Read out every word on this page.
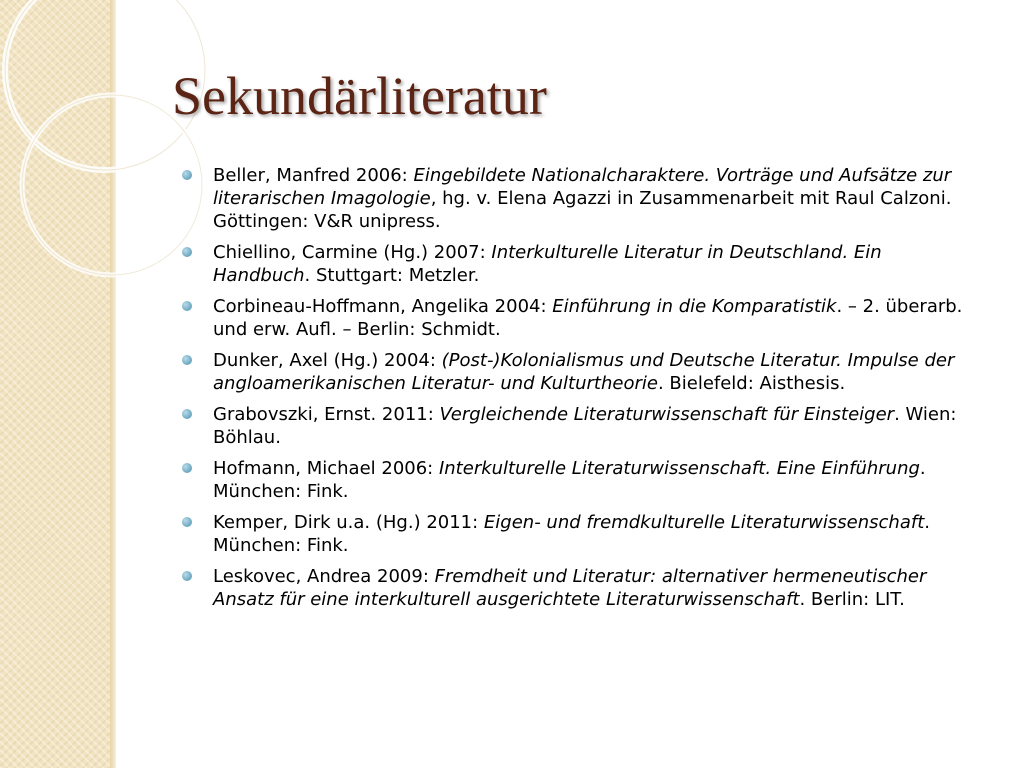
Sekundärliteratur
Beller, Manfred 2006: Eingebildete Nationalcharaktere. Vorträge und Aufsätze zur literarischen Imagologie, hg. v. Elena Agazzi in Zusammenarbeit mit Raul Calzoni. Göttingen: V&R unipress.
Chiellino, Carmine (Hg.) 2007: Interkulturelle Literatur in Deutschland. Ein Handbuch. Stuttgart: Metzler.
Corbineau-Hoffmann, Angelika 2004: Einführung in die Komparatistik. – 2. überarb. und erw. Aufl. – Berlin: Schmidt.
Dunker, Axel (Hg.) 2004: (Post-)Kolonialismus und Deutsche Literatur. Impulse der angloamerikanischen Literatur- und Kulturtheorie. Bielefeld: Aisthesis.
Grabovszki, Ernst. 2011: Vergleichende Literaturwissenschaft für Einsteiger. Wien: Böhlau.
Hofmann, Michael 2006: Interkulturelle Literaturwissenschaft. Eine Einführung. München: Fink.
Kemper, Dirk u.a. (Hg.) 2011: Eigen- und fremdkulturelle Literaturwissenschaft. München: Fink.
Leskovec, Andrea 2009: Fremdheit und Literatur: alternativer hermeneutischer Ansatz für eine interkulturell ausgerichtete Literaturwissenschaft. Berlin: LIT.
